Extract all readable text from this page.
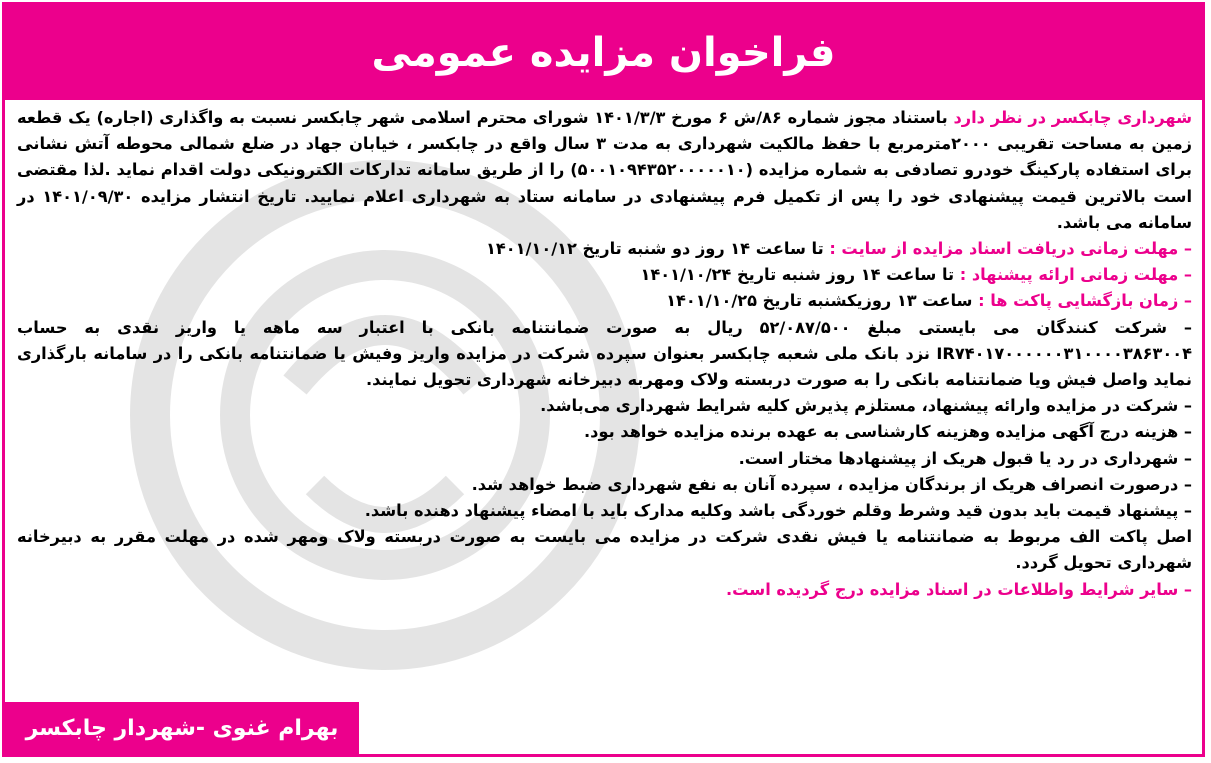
فراخوان مزایده عمومی

شهرداری چابکسر در نظر دارد باستناد مجوز شماره ۸۶/ش ۶ مورخ ۱۴۰۱/۳/۳ شورای محترم اسلامی شهر چابکسر نسبت به واگذاری (اجاره) یک قطعه زمین به مساحت تقریبی ۲۰۰۰مترمربع با حفظ مالکیت شهرداری به مدت ۳ سال واقع در چابکسر ، خیابان جهاد در ضلع شمالی محوطه آتش نشانی برای استفاده پارکینگ خودرو تصادفی به شماره مزایده (۵۰۰۱۰۹۴۳۵۲۰۰۰۰۰۱۰) را از طریق سامانه تدارکات الکترونیکی دولت اقدام نماید .لذا مقتضی است بالاترین قیمت پیشنهادی خود را پس از تکمیل فرم پیشنهادی در سامانه ستاد به شهرداری اعلام نمایید. تاریخ انتشار مزایده ۱۴۰۱/۰۹/۳۰ در سامانه می باشد.

– مهلت زمانی دریافت اسناد مزایده از سایت : تا ساعت ۱۴ روز دو شنبه تاریخ ۱۴۰۱/۱۰/۱۲

– مهلت زمانی ارائه پیشنهاد : تا ساعت ۱۴ روز شنبه تاریخ ۱۴۰۱/۱۰/۲۴

– زمان بازگشایی پاکت ها : ساعت ۱۳ روزیکشنبه تاریخ ۱۴۰۱/۱۰/۲۵

– شرکت کنندگان می بایستی مبلغ ۵۲/۰۸۷/۵۰۰ ریال به صورت ضمانتنامه بانکی با اعتبار سه ماهه یا واریز نقدی به حساب IR۷۴۰۱۷۰۰۰۰۰۰۳۱۰۰۰۰۳۸۶۳۰۰۴ نزد بانک ملی شعبه چابکسر بعنوان سپرده شرکت در مزایده واریز وفیش یا ضمانتنامه بانکی را در سامانه بارگذاری نماید واصل فیش ویا ضمانتنامه بانکی را به صورت دربسته ولاک ومهربه دبیرخانه شهرداری تحویل نمایند.

– شرکت در مزایده وارائه پیشنهاد، مستلزم پذیرش کلیه شرایط شهرداری می‌باشد.

– هزینه درج آگهی مزایده وهزینه کارشناسی به عهده برنده مزایده خواهد بود.

– شهرداری در رد یا قبول هریک از پیشنهادها مختار است.

– درصورت انصراف هریک از برندگان مزایده ، سپرده آنان به نفع شهرداری ضبط خواهد شد.

– پیشنهاد قیمت باید بدون قید وشرط وقلم خوردگی باشد وکلیه مدارک باید با امضاء پیشنهاد دهنده باشد.

اصل پاکت الف مربوط به ضمانتنامه یا فیش نقدی شرکت در مزایده می بایست به صورت دربسته ولاک ومهر شده در مهلت مقرر به دبیرخانه شهرداری تحویل گردد.

– سایر شرایط واطلاعات در اسناد مزایده درج گردیده است.

بهرام غنوی -شهردار چابکسر
